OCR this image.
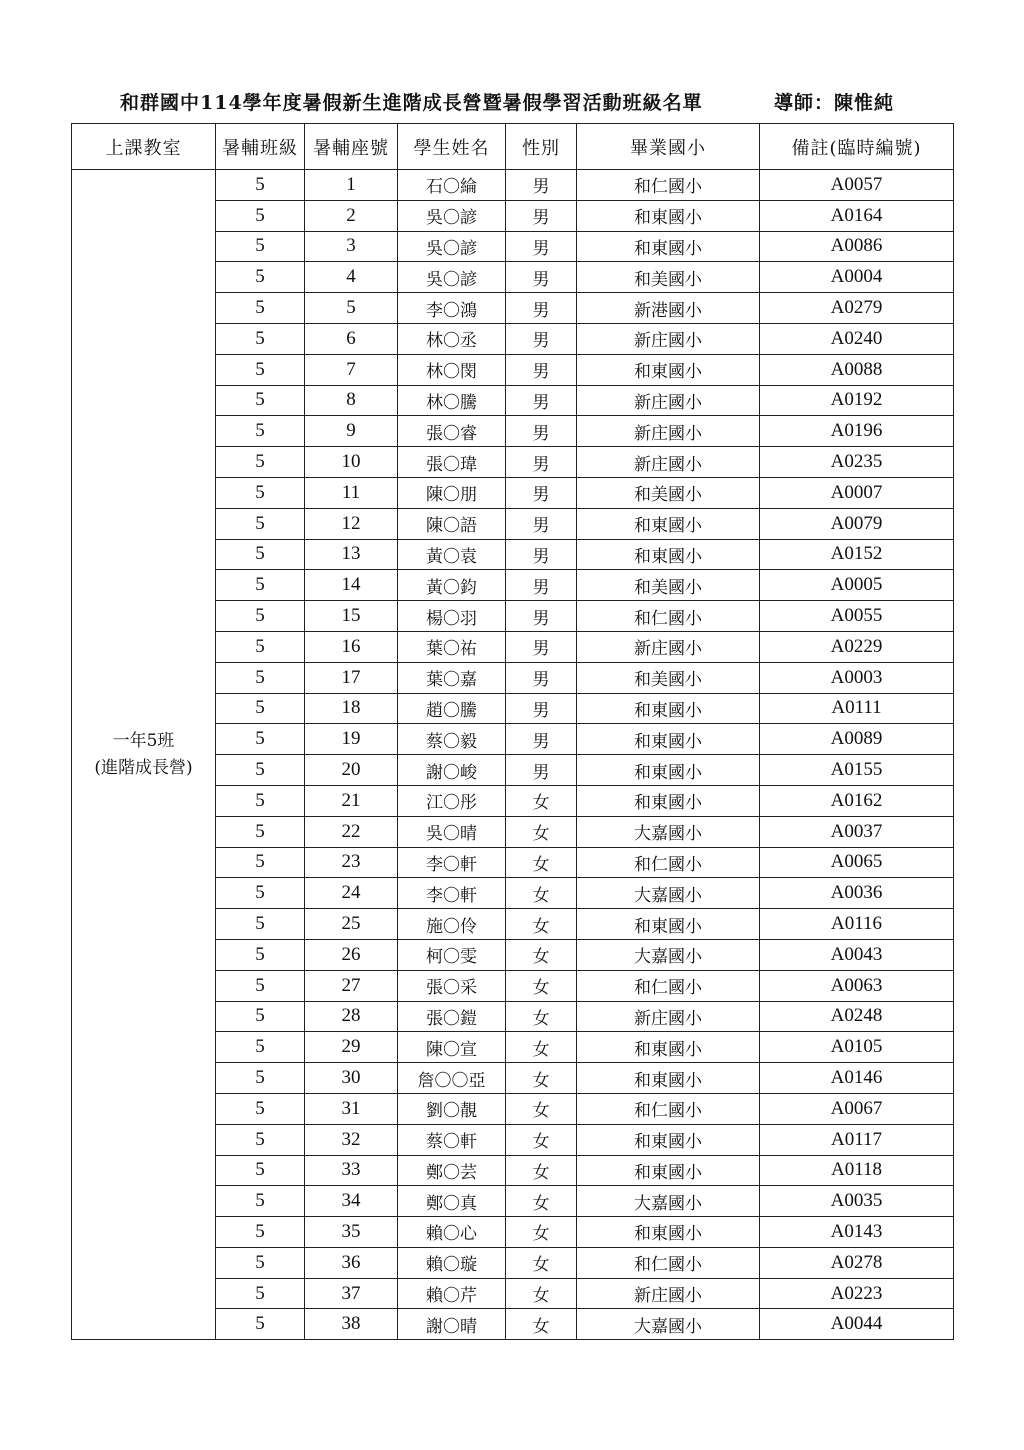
和群國中114學年度暑假新生進階成長營暨暑假學習活動班級名單	導師：陳惟純
上課教室	暑輔班級	暑輔座號	學生姓名	性別	畢業國小	備註(臨時編號)

一年5班
(進階成長營)	5	1	石〇綸	男	和仁國小	A0057
	5	2	吳〇諺	男	和東國小	A0164
	5	3	吳〇諺	男	和東國小	A0086
	5	4	吳〇諺	男	和美國小	A0004
	5	5	李〇鴻	男	新港國小	A0279
	5	6	林〇丞	男	新庄國小	A0240
	5	7	林〇閔	男	和東國小	A0088
	5	8	林〇騰	男	新庄國小	A0192
	5	9	張〇睿	男	新庄國小	A0196
	5	10	張〇瑋	男	新庄國小	A0235
	5	11	陳〇朋	男	和美國小	A0007
	5	12	陳〇語	男	和東國小	A0079
	5	13	黃〇袁	男	和東國小	A0152
	5	14	黃〇鈞	男	和美國小	A0005
	5	15	楊〇羽	男	和仁國小	A0055
	5	16	葉〇祐	男	新庄國小	A0229
	5	17	葉〇嘉	男	和美國小	A0003
	5	18	趙〇騰	男	和東國小	A0111
	5	19	蔡〇毅	男	和東國小	A0089
	5	20	謝〇峻	男	和東國小	A0155
	5	21	江〇彤	女	和東國小	A0162
	5	22	吳〇晴	女	大嘉國小	A0037
	5	23	李〇軒	女	和仁國小	A0065
	5	24	李〇軒	女	大嘉國小	A0036
	5	25	施〇伶	女	和東國小	A0116
	5	26	柯〇雯	女	大嘉國小	A0043
	5	27	張〇采	女	和仁國小	A0063
	5	28	張〇鎧	女	新庄國小	A0248
	5	29	陳〇宣	女	和東國小	A0105
	5	30	詹〇〇亞	女	和東國小	A0146
	5	31	劉〇靚	女	和仁國小	A0067
	5	32	蔡〇軒	女	和東國小	A0117
	5	33	鄭〇芸	女	和東國小	A0118
	5	34	鄭〇真	女	大嘉國小	A0035
	5	35	賴〇心	女	和東國小	A0143
	5	36	賴〇璇	女	和仁國小	A0278
	5	37	賴〇芹	女	新庄國小	A0223
	5	38	謝〇晴	女	大嘉國小	A0044
